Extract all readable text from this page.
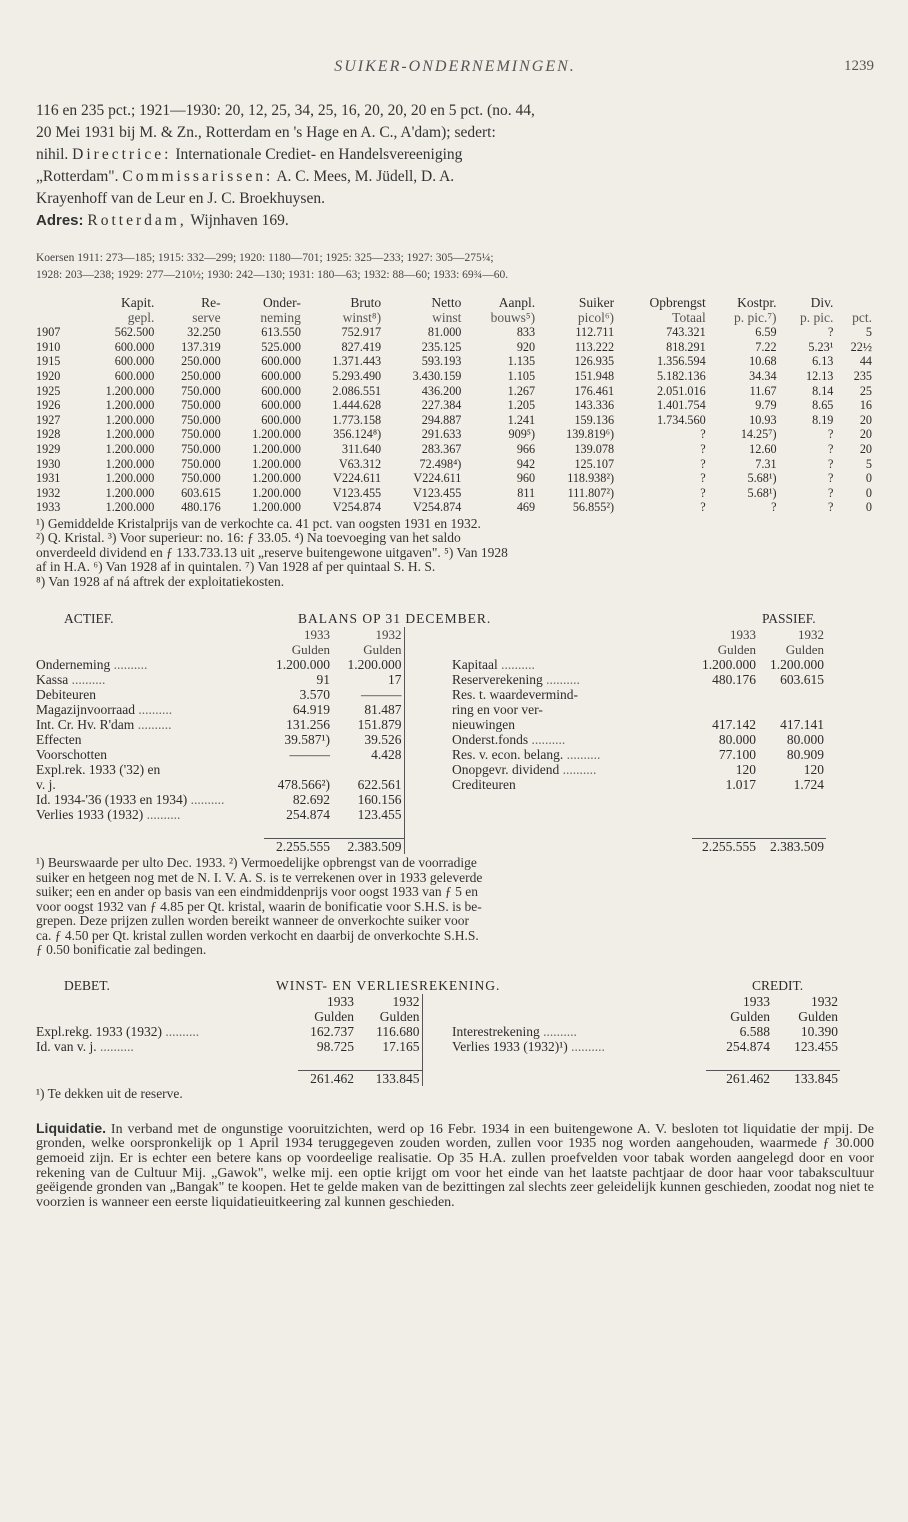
SUIKER-ONDERNEMINGEN.	1239
116 en 235 pct.; 1921—1930: 20, 12, 25, 34, 25, 16, 20, 20, 20 en 5 pct. (no. 44,
20 Mei 1931 bij M. & Zn., Rotterdam en 's Hage en A. C., A'dam); sedert:
nihil. Directrice: Internationale Crediet- en Handelsvereeniging
„Rotterdam". Commissarissen: A. C. Mees, M. Jüdell, D. A.
Krayenhoff van de Leur en J. C. Broekhuysen.
Adres: Rotterdam, Wijnhaven 169.
Koersen 1911: 273—185; 1915: 332—299; 1920: 1180—701; 1925: 325—233; 1927: 305—275¼;
1928: 203—238; 1929: 277—210½; 1930: 242—130; 1931: 180—63; 1932: 88—60; 1933: 69¾—60.
	Kapit.	Re-	Onder-	Bruto	Netto	Aanpl.	Suiker	Opbrengst	Kostpr.	Div.	
	gepl.	serve	neming	winst⁸)	winst	bouws⁵)	picol⁶)	Totaal	p. pic.⁷)	p. pic.	pct.
1907	562.500	32.250	613.550	752.917	81.000	833	112.711	743.321	6.59	?	5
1910	600.000	137.319	525.000	827.419	235.125	920	113.222	818.291	7.22	5.23¹	22½
1915	600.000	250.000	600.000	1.371.443	593.193	1.135	126.935	1.356.594	10.68	6.13	44
1920	600.000	250.000	600.000	5.293.490	3.430.159	1.105	151.948	5.182.136	34.34	12.13	235
1925	1.200.000	750.000	600.000	2.086.551	436.200	1.267	176.461	2.051.016	11.67	8.14	25
1926	1.200.000	750.000	600.000	1.444.628	227.384	1.205	143.336	1.401.754	9.79	8.65	16
1927	1.200.000	750.000	600.000	1.773.158	294.887	1.241	159.136	1.734.560	10.93	8.19	20
1928	1.200.000	750.000	1.200.000	356.124⁸)	291.633	909⁵)	139.819⁶)	?	14.25⁷)	?	20
1929	1.200.000	750.000	1.200.000	311.640	283.367	966	139.078	?	12.60	?	20
1930	1.200.000	750.000	1.200.000	V63.312	72.498⁴)	942	125.107	?	7.31	?	5
1931	1.200.000	750.000	1.200.000	V224.611	V224.611	960	118.938²)	?	5.68¹)	?	0
1932	1.200.000	603.615	1.200.000	V123.455	V123.455	811	111.807²)	?	5.68¹)	?	0
1933	1.200.000	480.176	1.200.000	V254.874	V254.874	469	56.855²)	?	?	?	0
¹) Gemiddelde Kristalprijs van de verkochte ca. 41 pct. van oogsten 1931 en 1932.
²) Q. Kristal. ³) Voor superieur: no. 16: ƒ 33.05. ⁴) Na toevoeging van het saldo
onverdeeld dividend en ƒ 133.733.13 uit „reserve buitengewone uitgaven". ⁵) Van 1928
af in H.A. ⁶) Van 1928 af in quintalen. ⁷) Van 1928 af per quintaal S. H. S.
⁸) Van 1928 af ná aftrek der exploitatiekosten.
ACTIEF.	BALANS OP 31 DECEMBER.	PASSIEF.
	1933	1932			1933	1932	
	Gulden	Gulden			Gulden	Gulden	
Onderneming ..........	1.200.000	1.200.000		Kapitaal ..........	1.200.000	1.200.000	
Kassa ..........	91	17		Reserverekening ..........	480.176	603.615	
Debiteuren	3.570	———		Res. t. waardevermind-			
Magazijnvoorraad ..........	64.919	81.487		ring en voor ver-			
Int. Cr. Hv. R'dam ..........	131.256	151.879		nieuwingen	417.142	417.141	
Effecten	39.587¹)	39.526		Onderst.fonds ..........	80.000	80.000	
Voorschotten	———	4.428		Res. v. econ. belang. ..........	77.100	80.909	
Expl.rek. 1933 ('32) en				Onopgevr. dividend ..........	120	120	
v. j.	478.566²)	622.561		Crediteuren	1.017	1.724	
Id. 1934-'36 (1933 en 1934) ..........	82.692	160.156					
Verlies 1933 (1932) ..........	254.874	123.455					

	2.255.555	2.383.509			2.255.555	2.383.509	
¹) Beurswaarde per ulto Dec. 1933. ²) Vermoedelijke opbrengst van de voorradige
suiker en hetgeen nog met de N. I. V. A. S. is te verrekenen over in 1933 geleverde
suiker; een en ander op basis van een eindmiddenprijs voor oogst 1933 van ƒ 5 en
voor oogst 1932 van ƒ 4.85 per Qt. kristal, waarin de bonificatie voor S.H.S. is be-
grepen. Deze prijzen zullen worden bereikt wanneer de onverkochte suiker voor
ca. ƒ 4.50 per Qt. kristal zullen worden verkocht en daarbij de onverkochte S.H.S.
ƒ 0.50 bonificatie zal bedingen.
DEBET.	WINST- EN VERLIESREKENING.	CREDIT.
	1933	1932			1933	1932	
	Gulden	Gulden			Gulden	Gulden	
Expl.rekg. 1933 (1932) ..........	162.737	116.680		Interestrekening ..........	6.588	10.390	
Id. van v. j. ..........	98.725	17.165		Verlies 1933 (1932)¹) ..........	254.874	123.455	

	261.462	133.845			261.462	133.845	
¹) Te dekken uit de reserve.
Liquidatie. In verband met de ongunstige vooruitzichten, werd op 16 Febr. 1934 in een buitengewone A. V. besloten tot liquidatie der mpij. De gronden, welke oorspronkelijk op 1 April 1934 teruggegeven zouden worden, zullen voor 1935 nog worden aangehouden, waarmede ƒ 30.000 gemoeid zijn. Er is echter een betere kans op voordeelige realisatie. Op 35 H.A. zullen proefvelden voor tabak worden aangelegd door en voor rekening van de Cultuur Mij. „Gawok", welke mij. een optie krijgt om voor het einde van het laatste pachtjaar de door haar voor tabakscultuur geëigende gronden van „Bangak" te koopen. Het te gelde maken van de bezittingen zal slechts zeer geleidelijk kunnen geschieden, zoodat nog niet te voorzien is wanneer een eerste liquidatieuitkeering zal kunnen geschieden.
